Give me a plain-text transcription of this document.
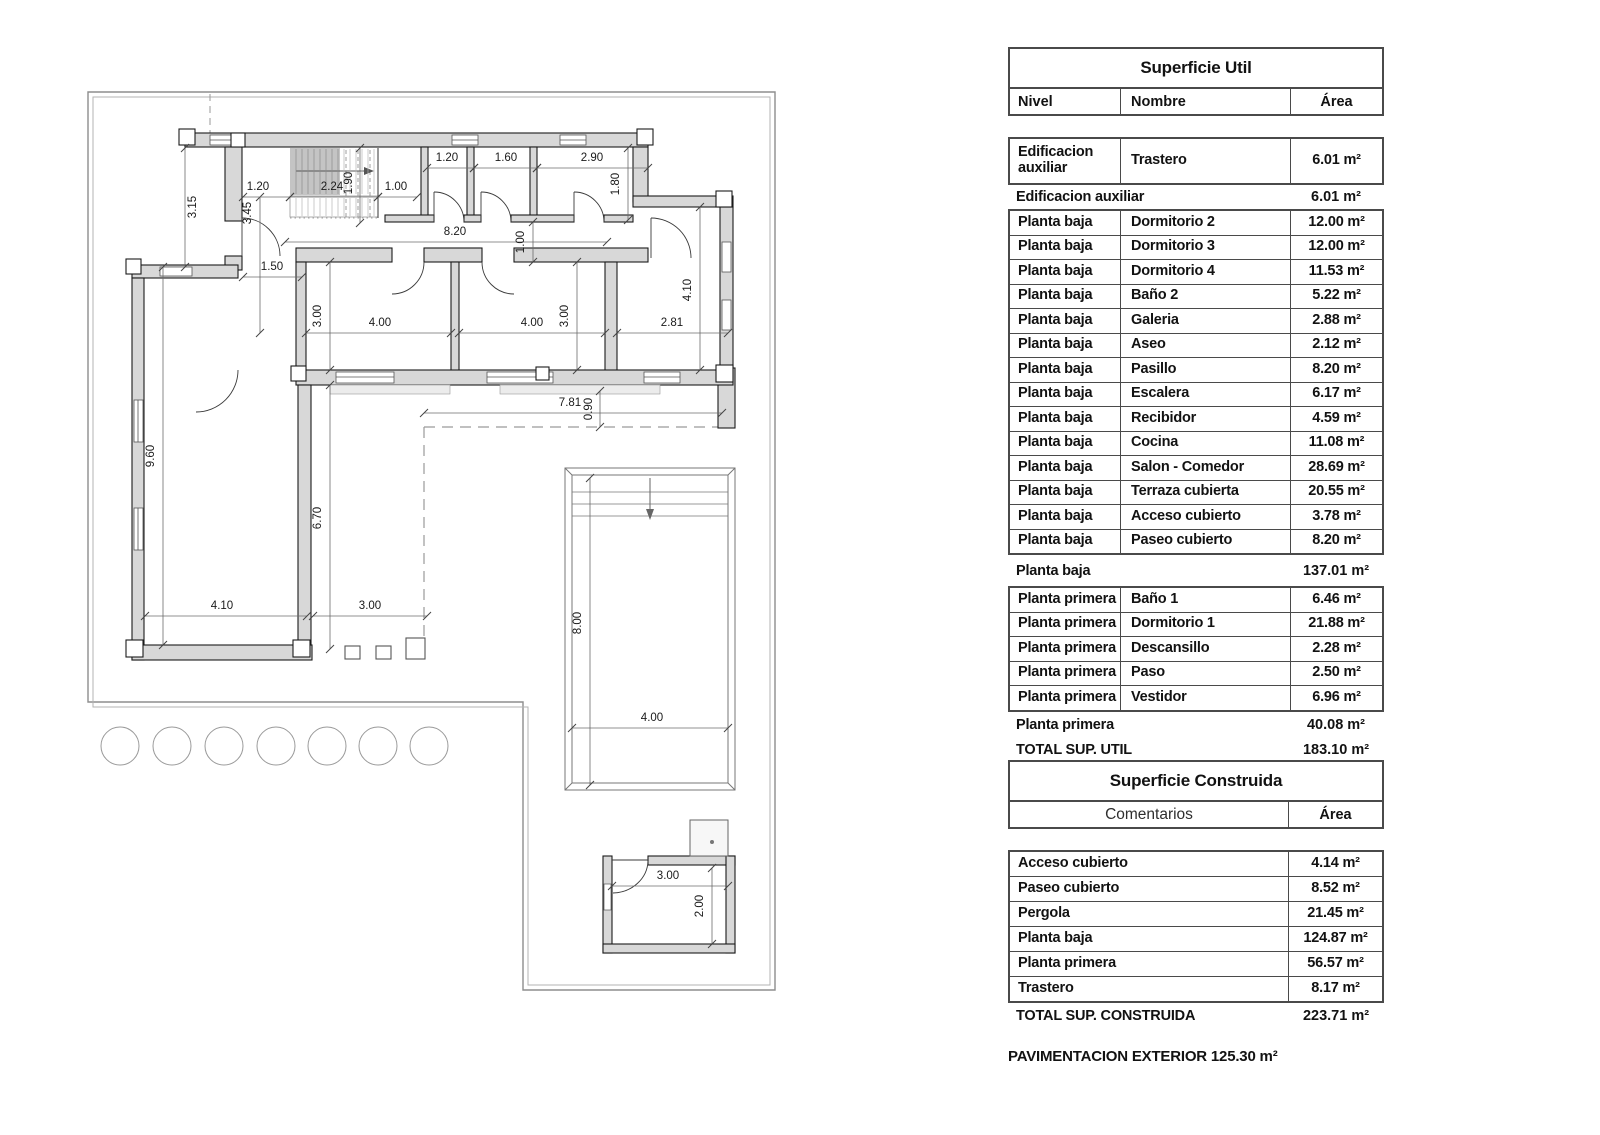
3.15	3.45
1.20	2.24	1.00
1.90
1.20	1.60	2.90
1.80
8.20	1.00
1.50
3.00	4.00	4.00 3.00	2.81
4.10
9.60
6.70
4.10	3.00
7.81 0.90
8.00
4.00
3.00
2.00
Superficie Util
Nivel	Nombre	Área
Edificacion auxiliar	Trastero	6.01 m²
Edificacion auxiliar	6.01 m²
Planta baja	Dormitorio 2	12.00 m²
Planta baja	Dormitorio 3	12.00 m²
Planta baja	Dormitorio 4	11.53 m²
Planta baja	Baño 2	5.22 m²
Planta baja	Galeria	2.88 m²
Planta baja	Aseo	2.12 m²
Planta baja	Pasillo	8.20 m²
Planta baja	Escalera	6.17 m²
Planta baja	Recibidor	4.59 m²
Planta baja	Cocina	11.08 m²
Planta baja	Salon - Comedor	28.69 m²
Planta baja	Terraza cubierta	20.55 m²
Planta baja	Acceso cubierto	3.78 m²
Planta baja	Paseo cubierto	8.20 m²
Planta baja	137.01 m²
Planta primera	Baño 1	6.46 m²
Planta primera	Dormitorio 1	21.88 m²
Planta primera	Descansillo	2.28 m²
Planta primera	Paso	2.50 m²
Planta primera	Vestidor	6.96 m²
Planta primera	40.08 m²
TOTAL SUP. UTIL	183.10 m²
Superficie Construida
Comentarios	Área
Acceso cubierto	4.14 m²
Paseo cubierto	8.52 m²
Pergola	21.45 m²
Planta baja	124.87 m²
Planta primera	56.57 m²
Trastero	8.17 m²
TOTAL SUP. CONSTRUIDA	223.71 m²
PAVIMENTACION EXTERIOR 125.30 m²
